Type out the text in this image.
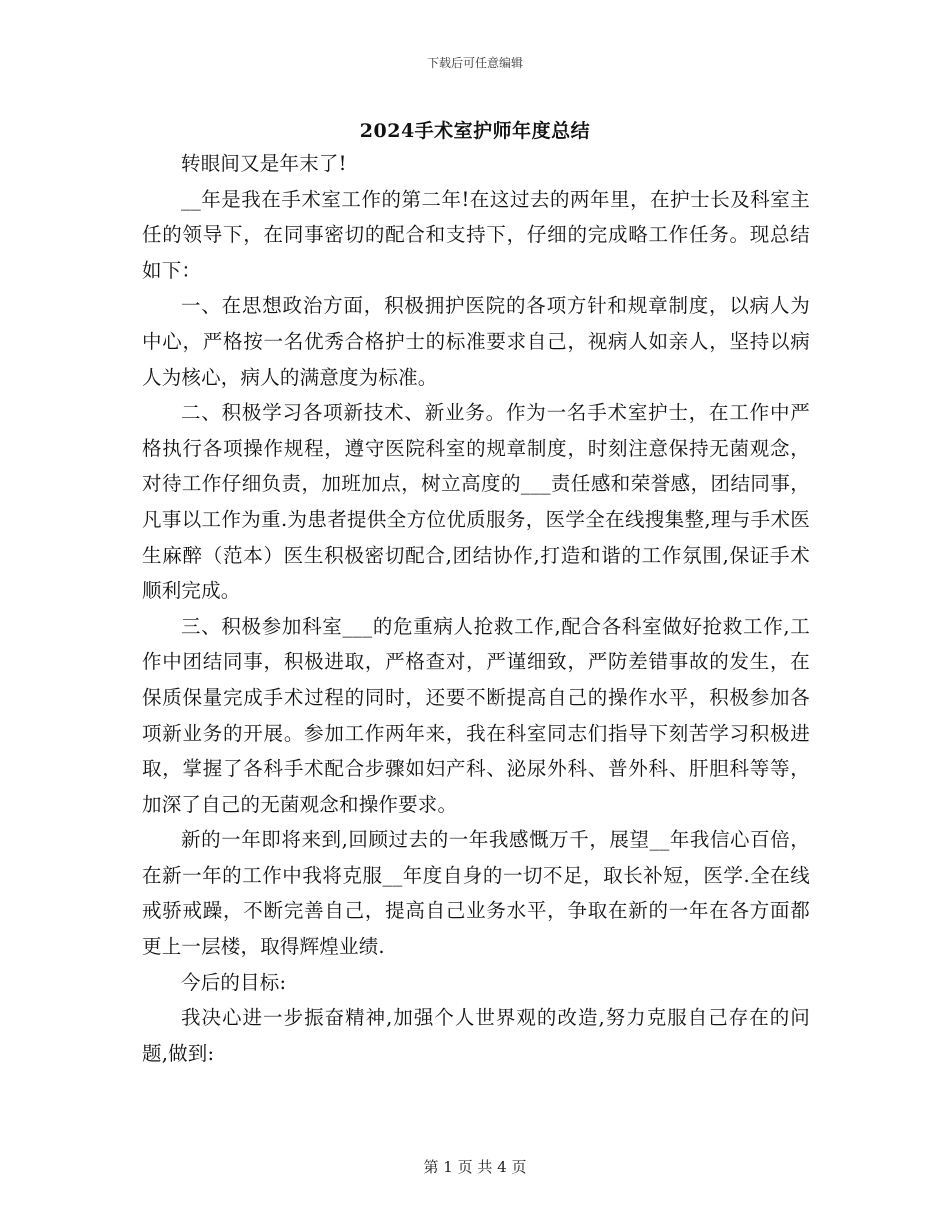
下载后可任意编辑
2024手术室护师年度总结

转眼间又是年末了!

__年是我在手术室工作的第二年!在这过去的两年里，在护士长及科室主任的领导下，在同事密切的配合和支持下，仔细的完成略工作任务。现总结如下：

一、在思想政治方面，积极拥护医院的各项方针和规章制度，以病人为中心，严格按一名优秀合格护士的标准要求自己，视病人如亲人，坚持以病人为核心，病人的满意度为标准。

二、积极学习各项新技术、新业务。作为一名手术室护士，在工作中严格执行各项操作规程，遵守医院科室的规章制度，时刻注意保持无菌观念，对待工作仔细负责，加班加点，树立高度的___责任感和荣誉感，团结同事，凡事以工作为重.为患者提供全方位优质服务，医学全在线搜集整,理与手术医生麻醉（范本）医生积极密切配合,团结协作,打造和谐的工作氛围,保证手术顺利完成。

三、积极参加科室___的危重病人抢救工作,配合各科室做好抢救工作,工作中团结同事，积极进取，严格查对，严谨细致，严防差错事故的发生，在保质保量完成手术过程的同时，还要不断提高自己的操作水平，积极参加各项新业务的开展。参加工作两年来，我在科室同志们指导下刻苦学习积极进取，掌握了各科手术配合步骤如妇产科、泌尿外科、普外科、肝胆科等等，加深了自己的无菌观念和操作要求。

新的一年即将来到,回顾过去的一年我感慨万千，展望__年我信心百倍，在新一年的工作中我将克服__年度自身的一切不足，取长补短，医学.全在线戒骄戒躁，不断完善自己，提高自己业务水平，争取在新的一年在各方面都更上一层楼，取得辉煌业绩.

今后的目标:

我决心进一步振奋精神,加强个人世界观的改造,努力克服自己存在的问题,做到:

第 1 页 共 4 页
